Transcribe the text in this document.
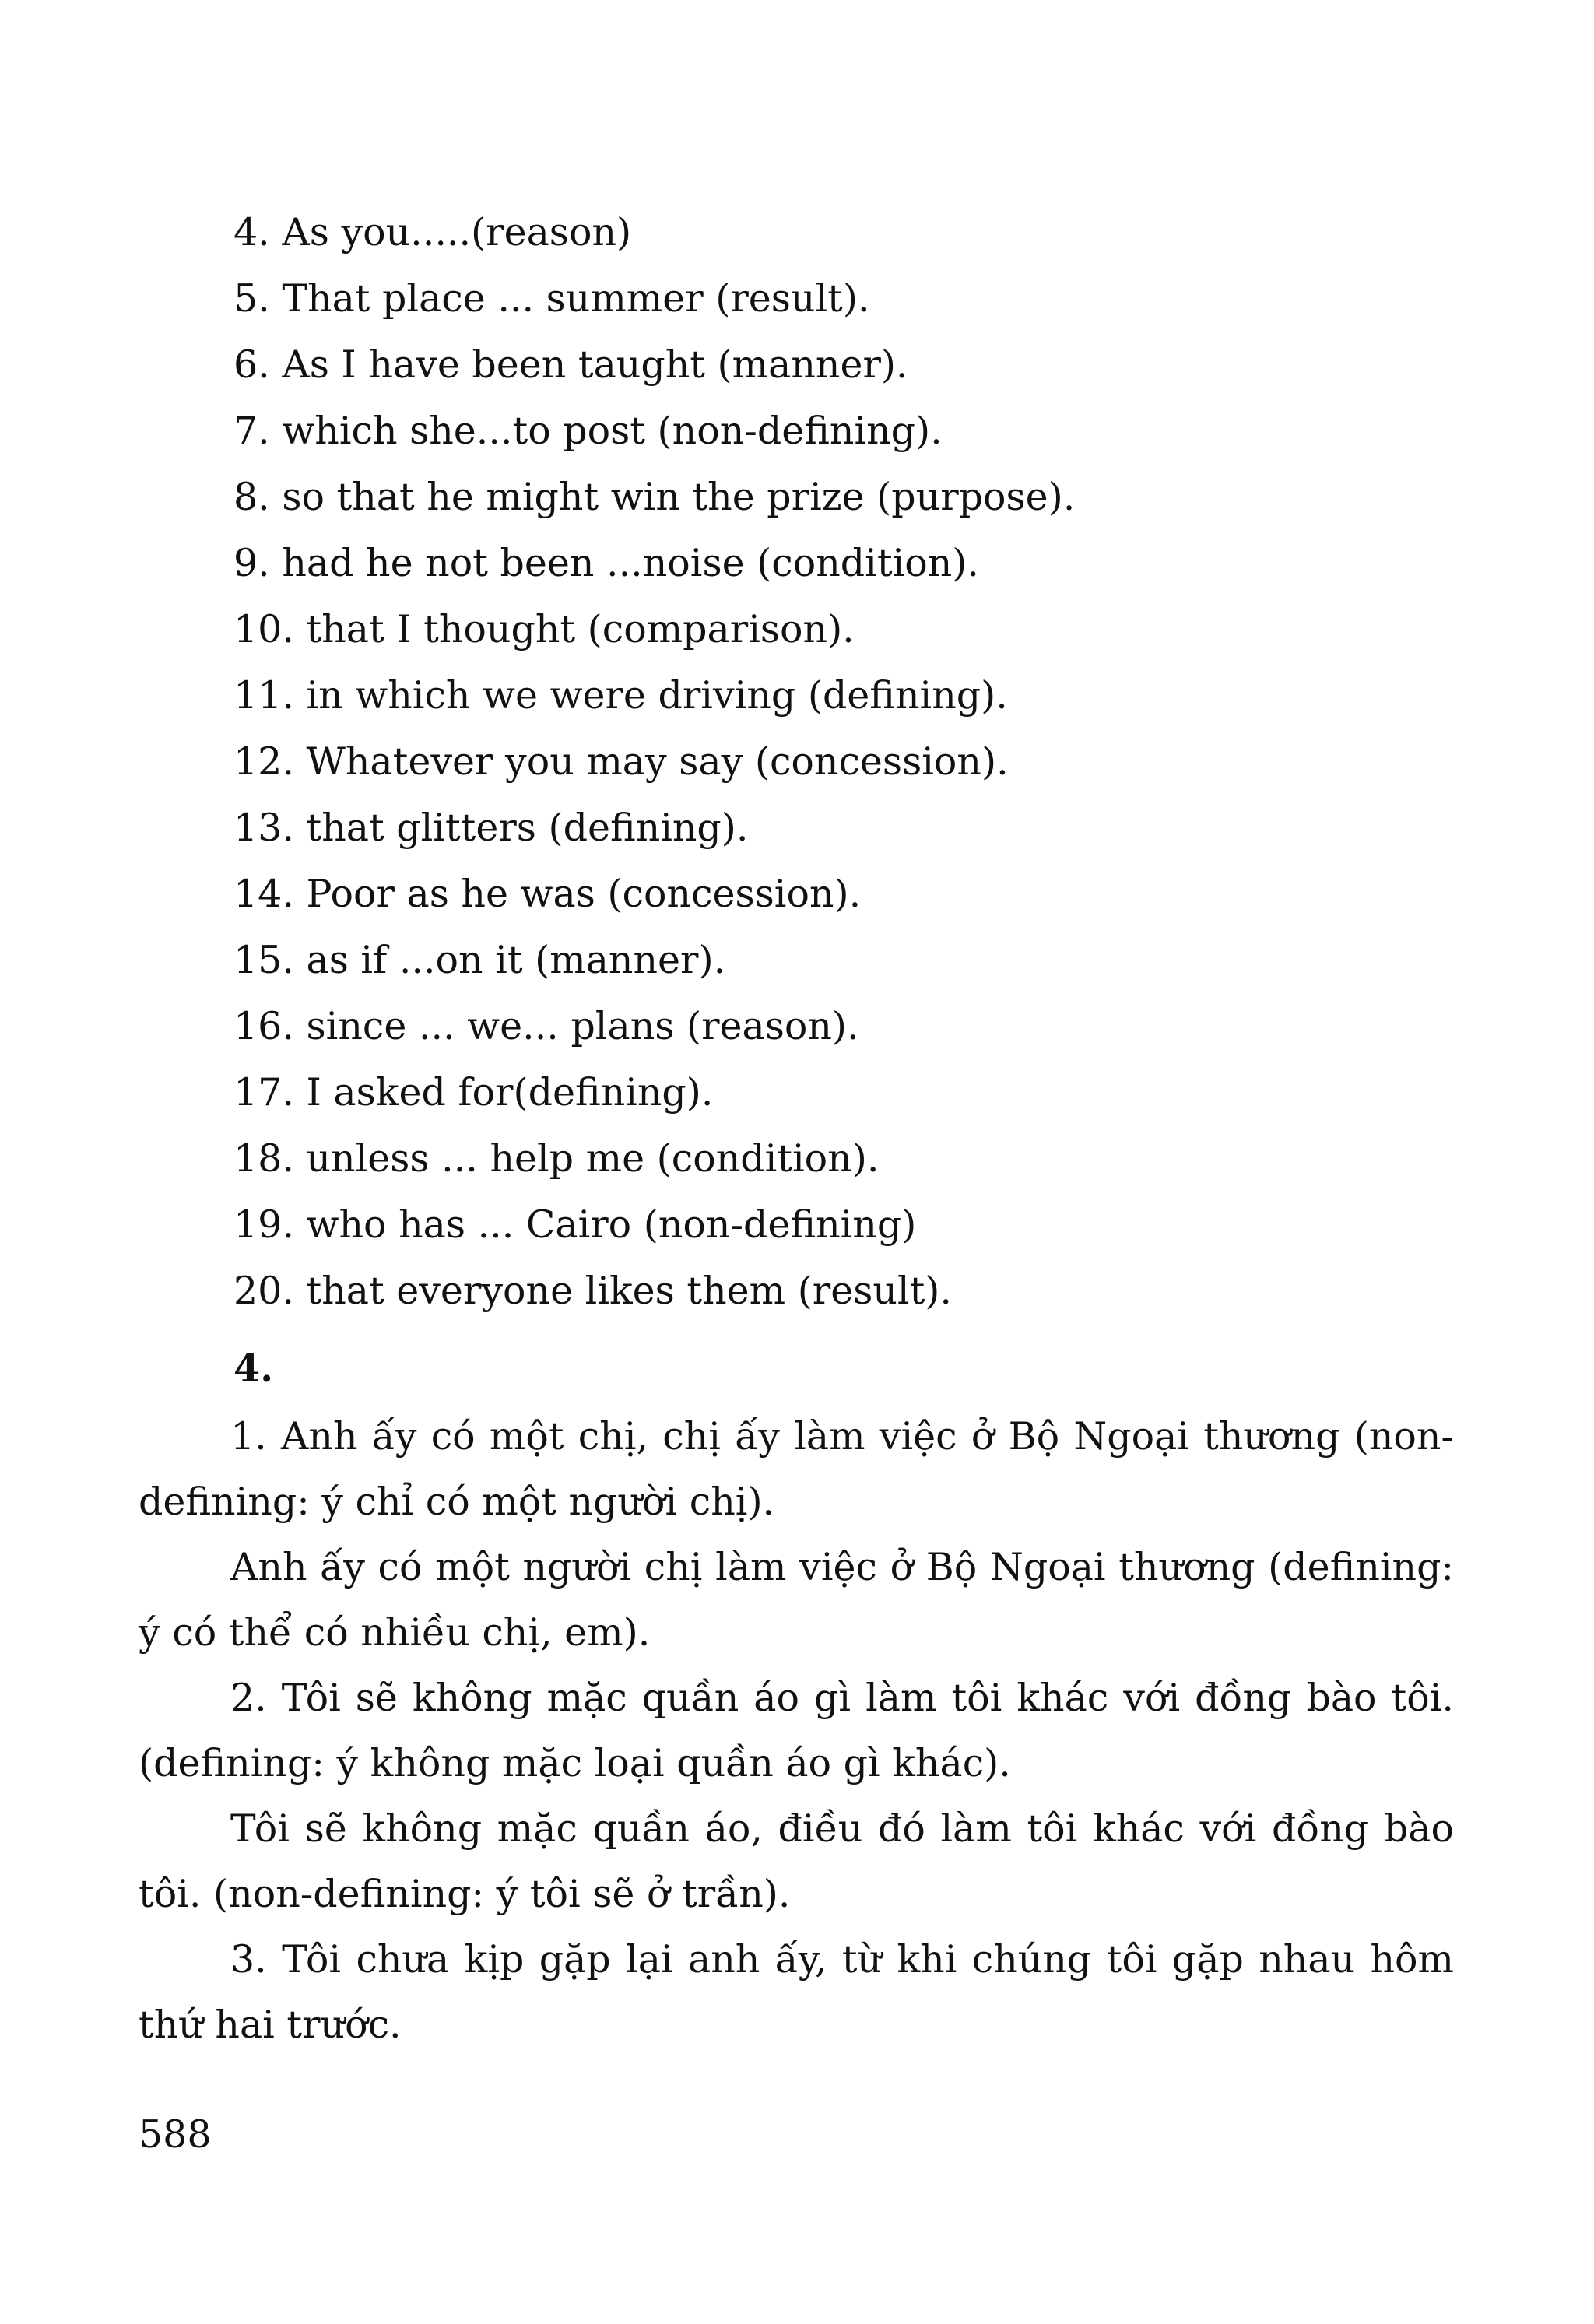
4. As you.....(reason)
5. That place ... summer (result).
6. As I have been taught (manner).
7. which she...to post (non-defining).
8. so that he might win the prize (purpose).
9. had he not been ...noise (condition).
10. that I thought (comparison).
11. in which we were driving (defining).
12. Whatever you may say (concession).
13. that glitters (defining).
14. Poor as he was (concession).
15. as if ...on it (manner).
16. since ... we... plans (reason).
17. I asked for(defining).
18. unless ... help me (condition).
19. who has ... Cairo (non-defining)
20. that everyone likes them (result).

4.

1. Anh ấy có một chị, chị ấy làm việc ở Bộ Ngoại thương (non-defining: ý chỉ có một người chị).

Anh ấy có một người chị làm việc ở Bộ Ngoại thương (defining: ý có thể có nhiều chị, em).

2. Tôi sẽ không mặc quần áo gì làm tôi khác với đồng bào tôi. (defining: ý không mặc loại quần áo gì khác).

Tôi sẽ không mặc quần áo, điều đó làm tôi khác với đồng bào tôi. (non-defining: ý tôi sẽ ở trần).

3. Tôi chưa kịp gặp lại anh ấy, từ khi chúng tôi gặp nhau hôm thứ hai trước.

588
